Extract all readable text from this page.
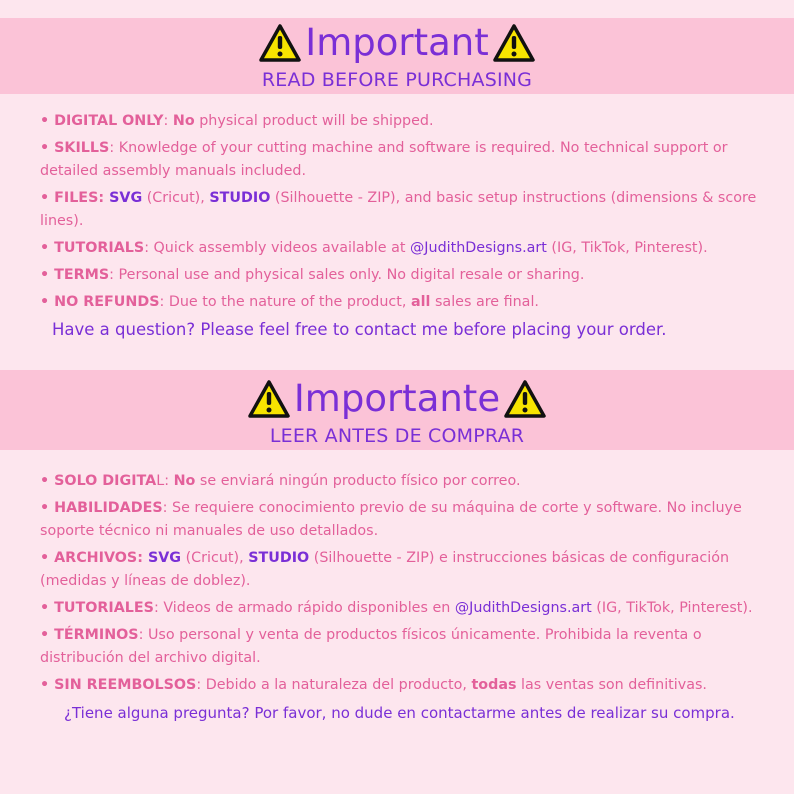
Important
READ BEFORE PURCHASING
• DIGITAL ONLY: No physical product will be shipped.
• SKILLS: Knowledge of your cutting machine and software is required. No technical support or detailed assembly manuals included.
• FILES: SVG (Cricut), STUDIO (Silhouette - ZIP), and basic setup instructions (dimensions & score lines).
• TUTORIALS: Quick assembly videos available at @JudithDesigns.art (IG, TikTok, Pinterest).
• TERMS: Personal use and physical sales only. No digital resale or sharing.
• NO REFUNDS: Due to the nature of the product, all sales are final.
Have a question? Please feel free to contact me before placing your order.
Importante
LEER ANTES DE COMPRAR
• SOLO DIGITAL: No se enviará ningún producto físico por correo.
• HABILIDADES: Se requiere conocimiento previo de su máquina de corte y software. No incluye soporte técnico ni manuales de uso detallados.
• ARCHIVOS: SVG (Cricut), STUDIO (Silhouette - ZIP) e instrucciones básicas de configuración (medidas y líneas de doblez).
• TUTORIALES: Videos de armado rápido disponibles en @JudithDesigns.art (IG, TikTok, Pinterest).
• TÉRMINOS: Uso personal y venta de productos físicos únicamente. Prohibida la reventa o distribución del archivo digital.
• SIN REEMBOLSOS: Debido a la naturaleza del producto, todas las ventas son definitivas.
¿Tiene alguna pregunta? Por favor, no dude en contactarme antes de realizar su compra.
